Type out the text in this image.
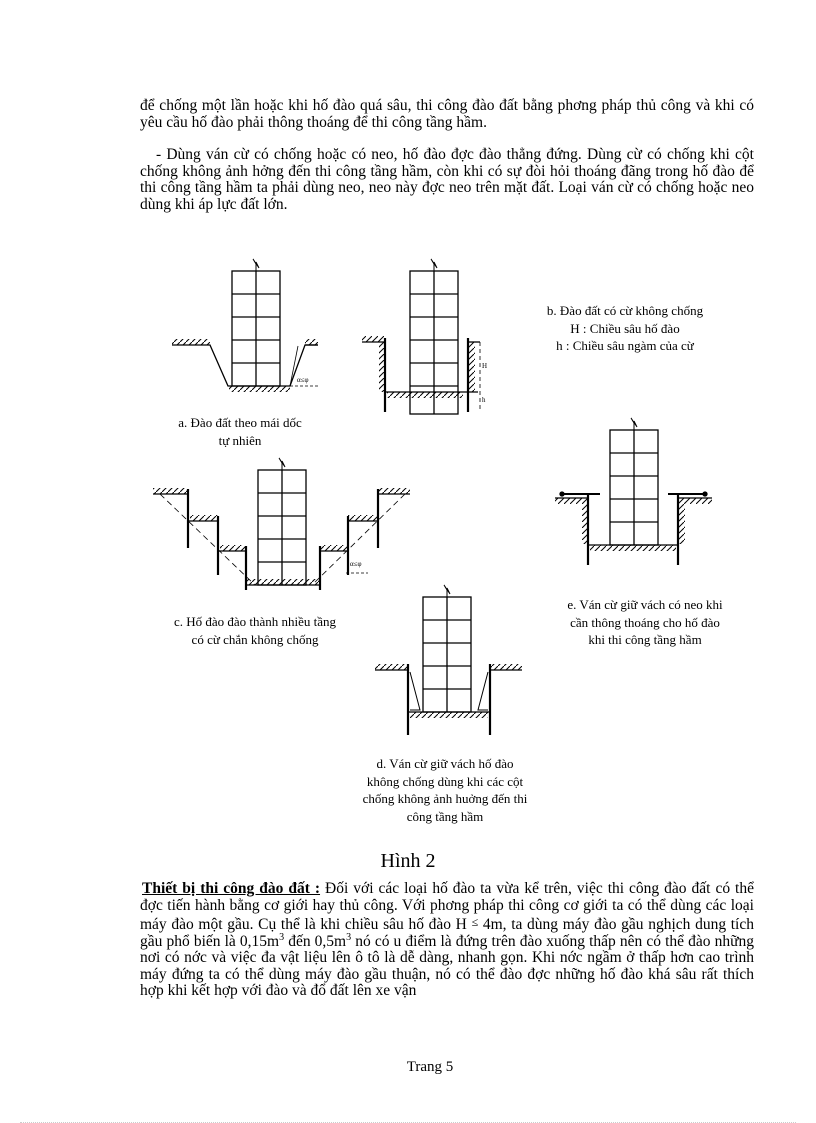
để chống một lần hoặc khi hố đào quá sâu, thi công đào đất bằng phơng pháp thủ công và khi có yêu cầu hố đào phải thông thoáng để thi công tầng hầm.

- Dùng ván cừ có chống hoặc có neo, hố đào đợc đào thẳng đứng. Dùng cừ có chống khi cột chống không ảnh hởng đến thi công tầng hầm, còn khi có sự đòi hỏi thoáng đãng trong hố đào để thi công tầng hầm ta phải dùng neo, neo này đợc neo trên mặt đất. Loại ván cừ có chống hoặc neo dùng khi áp lực đất lớn.

α≤φ
H
h
α≤φ
b. Đào đất có cừ không chống
H : Chiều sâu hố đào
h : Chiều sâu ngàm của cừ
a. Đào đất theo mái dốc
tự nhiên
c. Hố đào đào thành nhiều tầng
có cừ chắn không chống
e. Ván cừ giữ vách có neo khi
cần thông thoáng cho hố đào
khi thi công tầng hầm
d. Ván cừ giữ vách hố đào
không chống dùng khi các cột
chống không ảnh huởng đến thi
công tầng hầm
Hình 2

Thiết bị thi công đào đất : Đối với các loại hố đào ta vừa kể trên, việc thi công đào đất có thể đợc tiến hành bằng cơ giới hay thủ công. Với phơng pháp thi công cơ giới ta có thể dùng các loại máy đào một gầu. Cụ thể là khi chiều sâu hố đào H ≤ 4m, ta dùng máy đào gầu nghịch dung tích gầu phổ biến là $0,15m^3$ đến $0,5m^3$ nó có u điểm là đứng trên đào xuống thấp nên có thể đào những nơi có nớc và việc đa vật liệu lên ô tô là dễ dàng, nhanh gọn. Khi nớc ngầm ở thấp hơn cao trình máy đứng ta có thể dùng máy đào gầu thuận, nó có thể đào đợc những hố đào khá sâu rất thích hợp khi kết hợp với đào và đổ đất lên xe vận

Trang 5
